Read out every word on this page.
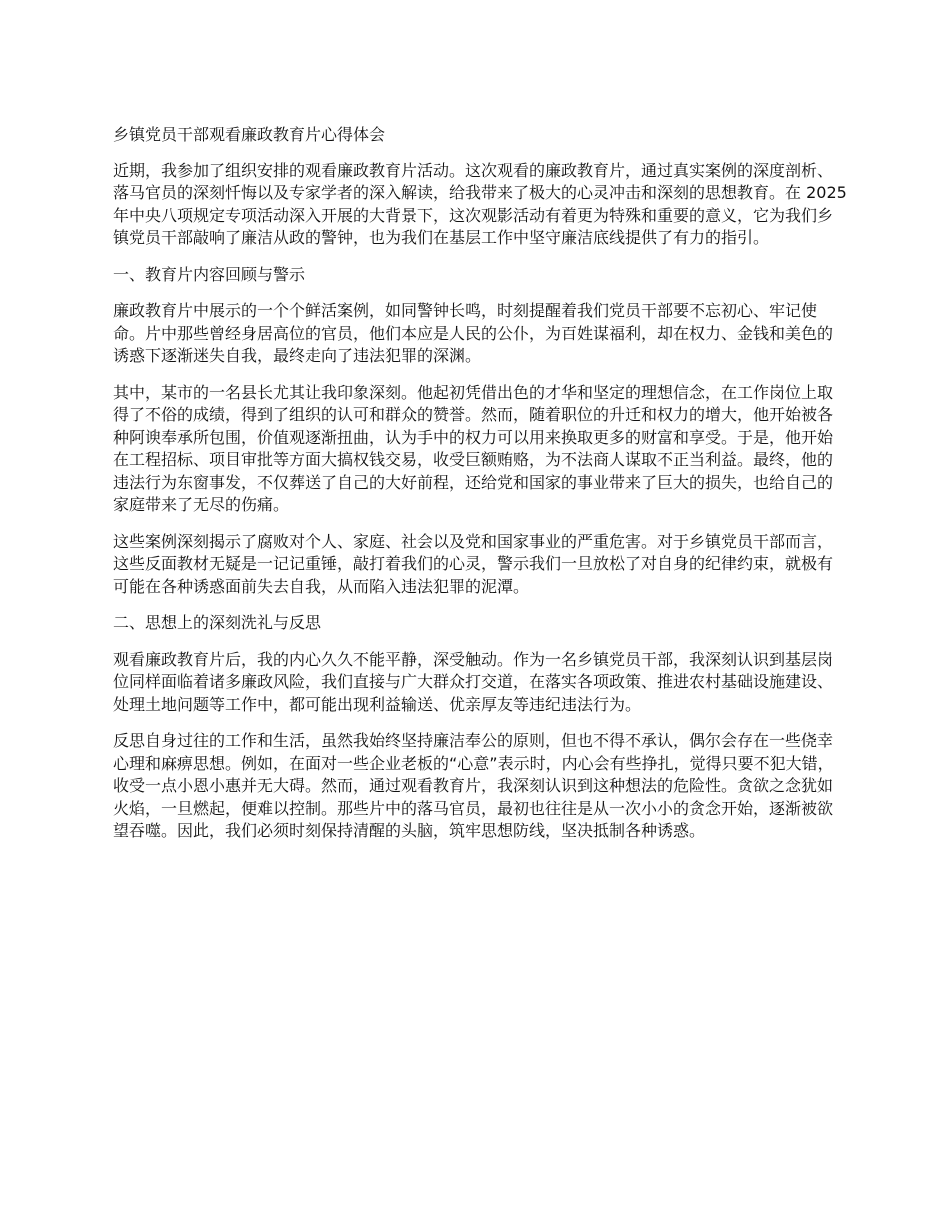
乡镇党员干部观看廉政教育片心得体会

近期，我参加了组织安排的观看廉政教育片活动。这次观看的廉政教育片，通过真实案例的深度剖析、落马官员的深刻忏悔以及专家学者的深入解读，给我带来了极大的心灵冲击和深刻的思想教育。在 2025 年中央八项规定专项活动深入开展的大背景下，这次观影活动有着更为特殊和重要的意义，它为我们乡镇党员干部敲响了廉洁从政的警钟，也为我们在基层工作中坚守廉洁底线提供了有力的指引。

一、教育片内容回顾与警示

廉政教育片中展示的一个个鲜活案例，如同警钟长鸣，时刻提醒着我们党员干部要不忘初心、牢记使命。片中那些曾经身居高位的官员，他们本应是人民的公仆，为百姓谋福利，却在权力、金钱和美色的诱惑下逐渐迷失自我，最终走向了违法犯罪的深渊。

其中，某市的一名县长尤其让我印象深刻。他起初凭借出色的才华和坚定的理想信念，在工作岗位上取得了不俗的成绩，得到了组织的认可和群众的赞誉。然而，随着职位的升迁和权力的增大，他开始被各种阿谀奉承所包围，价值观逐渐扭曲，认为手中的权力可以用来换取更多的财富和享受。于是，他开始在工程招标、项目审批等方面大搞权钱交易，收受巨额贿赂，为不法商人谋取不正当利益。最终，他的违法行为东窗事发，不仅葬送了自己的大好前程，还给党和国家的事业带来了巨大的损失，也给自己的家庭带来了无尽的伤痛。

这些案例深刻揭示了腐败对个人、家庭、社会以及党和国家事业的严重危害。对于乡镇党员干部而言，这些反面教材无疑是一记记重锤，敲打着我们的心灵，警示我们一旦放松了对自身的纪律约束，就极有可能在各种诱惑面前失去自我，从而陷入违法犯罪的泥潭。

二、思想上的深刻洗礼与反思

观看廉政教育片后，我的内心久久不能平静，深受触动。作为一名乡镇党员干部，我深刻认识到基层岗位同样面临着诸多廉政风险，我们直接与广大群众打交道，在落实各项政策、推进农村基础设施建设、处理土地问题等工作中，都可能出现利益输送、优亲厚友等违纪违法行为。

反思自身过往的工作和生活，虽然我始终坚持廉洁奉公的原则，但也不得不承认，偶尔会存在一些侥幸心理和麻痹思想。例如，在面对一些企业老板的“心意”表示时，内心会有些挣扎，觉得只要不犯大错，收受一点小恩小惠并无大碍。然而，通过观看教育片，我深刻认识到这种想法的危险性。贪欲之念犹如火焰，一旦燃起，便难以控制。那些片中的落马官员，最初也往往是从一次小小的贪念开始，逐渐被欲望吞噬。因此，我们必须时刻保持清醒的头脑，筑牢思想防线，坚决抵制各种诱惑。
